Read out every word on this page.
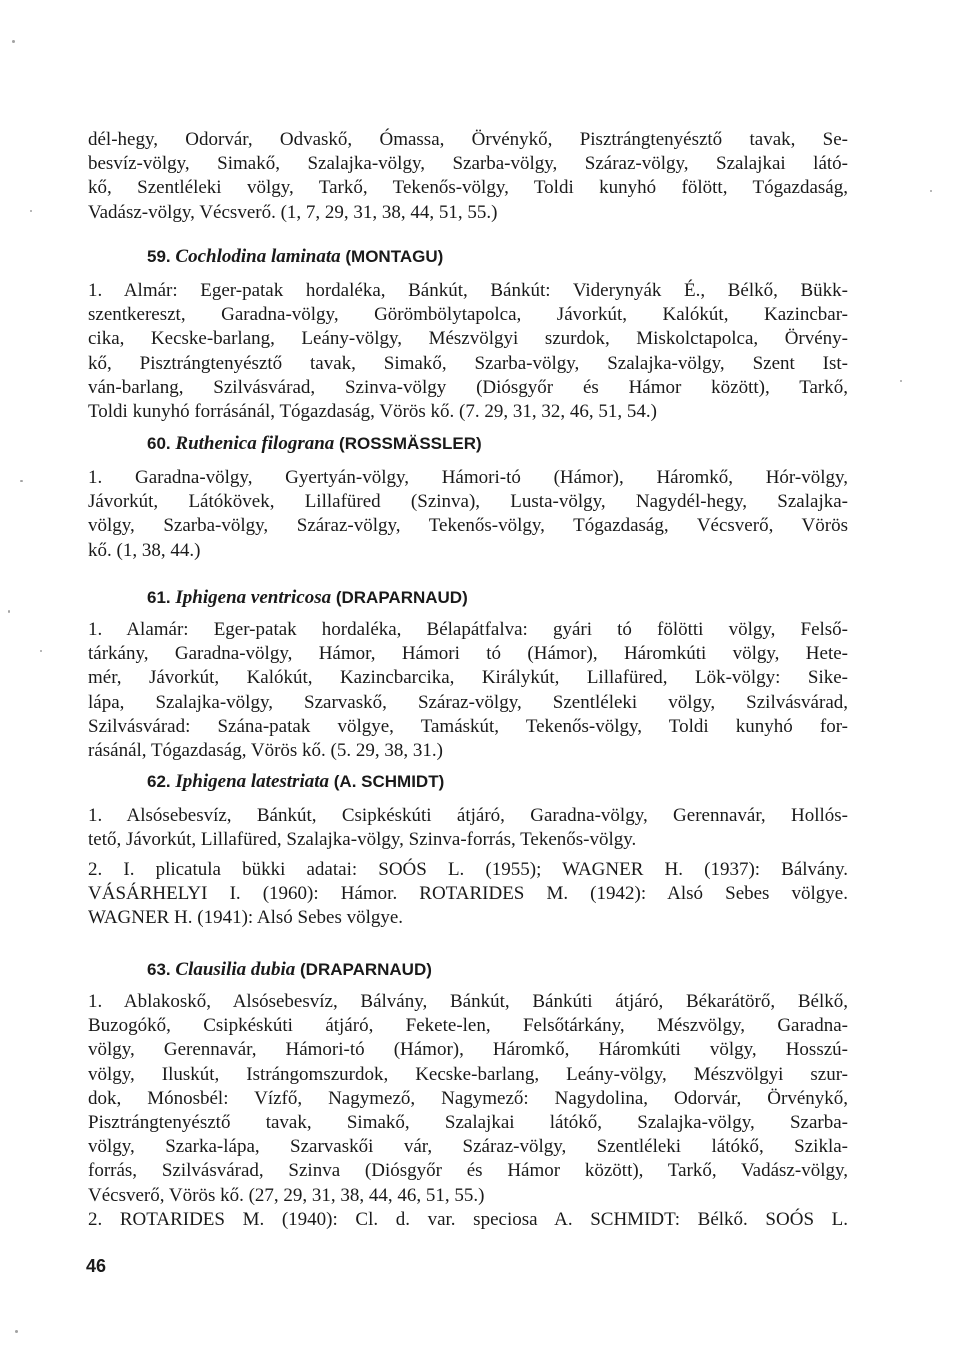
dél-hegy, Odorvár, Odvaskő, Ómassa, Örvénykő, Pisztrángtenyésztő tavak, Se-
besvíz-völgy, Simakő, Szalajka-völgy, Szarba-völgy, Száraz-völgy, Szalajkai látó-
kő, Szentléleki völgy, Tarkő, Tekenős-völgy, Toldi kunyhó fölött, Tógazdaság,
Vadász-völgy, Vécsverő. (1, 7, 29, 31, 38, 44, 51, 55.)
59. Cochlodina laminata (MONTAGU)
1. Almár: Eger-patak hordaléka, Bánkút, Bánkút: Viderynyák É., Bélkő, Bükk-
szentkereszt, Garadna-völgy, Görömbölytapolca, Jávorkút, Kalókút, Kazincbar-
cika, Kecske-barlang, Leány-völgy, Mészvölgyi szurdok, Miskolctapolca, Örvény-
kő, Pisztrángtenyésztő tavak, Simakő, Szarba-völgy, Szalajka-völgy, Szent Ist-
ván-barlang, Szilvásvárad, Szinva-völgy (Diósgyőr és Hámor között), Tarkő,
Toldi kunyhó forrásánál, Tógazdaság, Vörös kő. (7. 29, 31, 32, 46, 51, 54.)
60. Ruthenica filograna (ROSSMÄSSLER)
1. Garadna-völgy, Gyertyán-völgy, Hámori-tó (Hámor), Háromkő, Hór-völgy,
Jávorkút, Látókövek, Lillafüred (Szinva), Lusta-völgy, Nagydél-hegy, Szalajka-
völgy, Szarba-völgy, Száraz-völgy, Tekenős-völgy, Tógazdaság, Vécsverő, Vörös
kő. (1, 38, 44.)
61. Iphigena ventricosa (DRAPARNAUD)
1. Alamár: Eger-patak hordaléka, Bélapátfalva: gyári tó fölötti völgy, Felső-
tárkány, Garadna-völgy, Hámor, Hámori tó (Hámor), Háromkúti völgy, Hete-
mér, Jávorkút, Kalókút, Kazincbarcika, Királykút, Lillafüred, Lök-völgy: Sike-
lápa, Szalajka-völgy, Szarvaskő, Száraz-völgy, Szentléleki völgy, Szilvásvárad,
Szilvásvárad: Szána-patak völgye, Tamáskút, Tekenős-völgy, Toldi kunyhó for-
rásánál, Tógazdaság, Vörös kő. (5. 29, 38, 31.)
62. Iphigena latestriata (A. SCHMIDT)
1. Alsósebesvíz, Bánkút, Csipkéskúti átjáró, Garadna-völgy, Gerennavár, Hollós-
tető, Jávorkút, Lillafüred, Szalajka-völgy, Szinva-forrás, Tekenős-völgy.
2. I. plicatula bükki adatai: SOÓS L. (1955); WAGNER H. (1937): Bálvány.
VÁSÁRHELYI I. (1960): Hámor. ROTARIDES M. (1942): Alsó Sebes völgye.
WAGNER H. (1941): Alsó Sebes völgye.
63. Clausilia dubia (DRAPARNAUD)
1. Ablakoskő, Alsósebesvíz, Bálvány, Bánkút, Bánkúti átjáró, Békarátörő, Bélkő,
Buzogókő, Csipkéskúti átjáró, Fekete-len, Felsőtárkány, Mészvölgy, Garadna-
völgy, Gerennavár, Hámori-tó (Hámor), Háromkő, Háromkúti völgy, Hosszú-
völgy, Iluskút, Istrángomszurdok, Kecske-barlang, Leány-völgy, Mészvölgyi szur-
dok, Mónosbél: Vízfő, Nagymező, Nagymező: Nagydolina, Odorvár, Örvénykő,
Pisztrángtenyésztő tavak, Simakő, Szalajkai látókő, Szalajka-völgy, Szarba-
völgy, Szarka-lápa, Szarvaskői vár, Száraz-völgy, Szentléleki látókő, Szikla-
forrás, Szilvásvárad, Szinva (Diósgyőr és Hámor között), Tarkő, Vadász-völgy,
Vécsverő, Vörös kő. (27, 29, 31, 38, 44, 46, 51, 55.)
2. ROTARIDES M. (1940): Cl. d. var. speciosa A. SCHMIDT: Bélkő. SOÓS L.
46
